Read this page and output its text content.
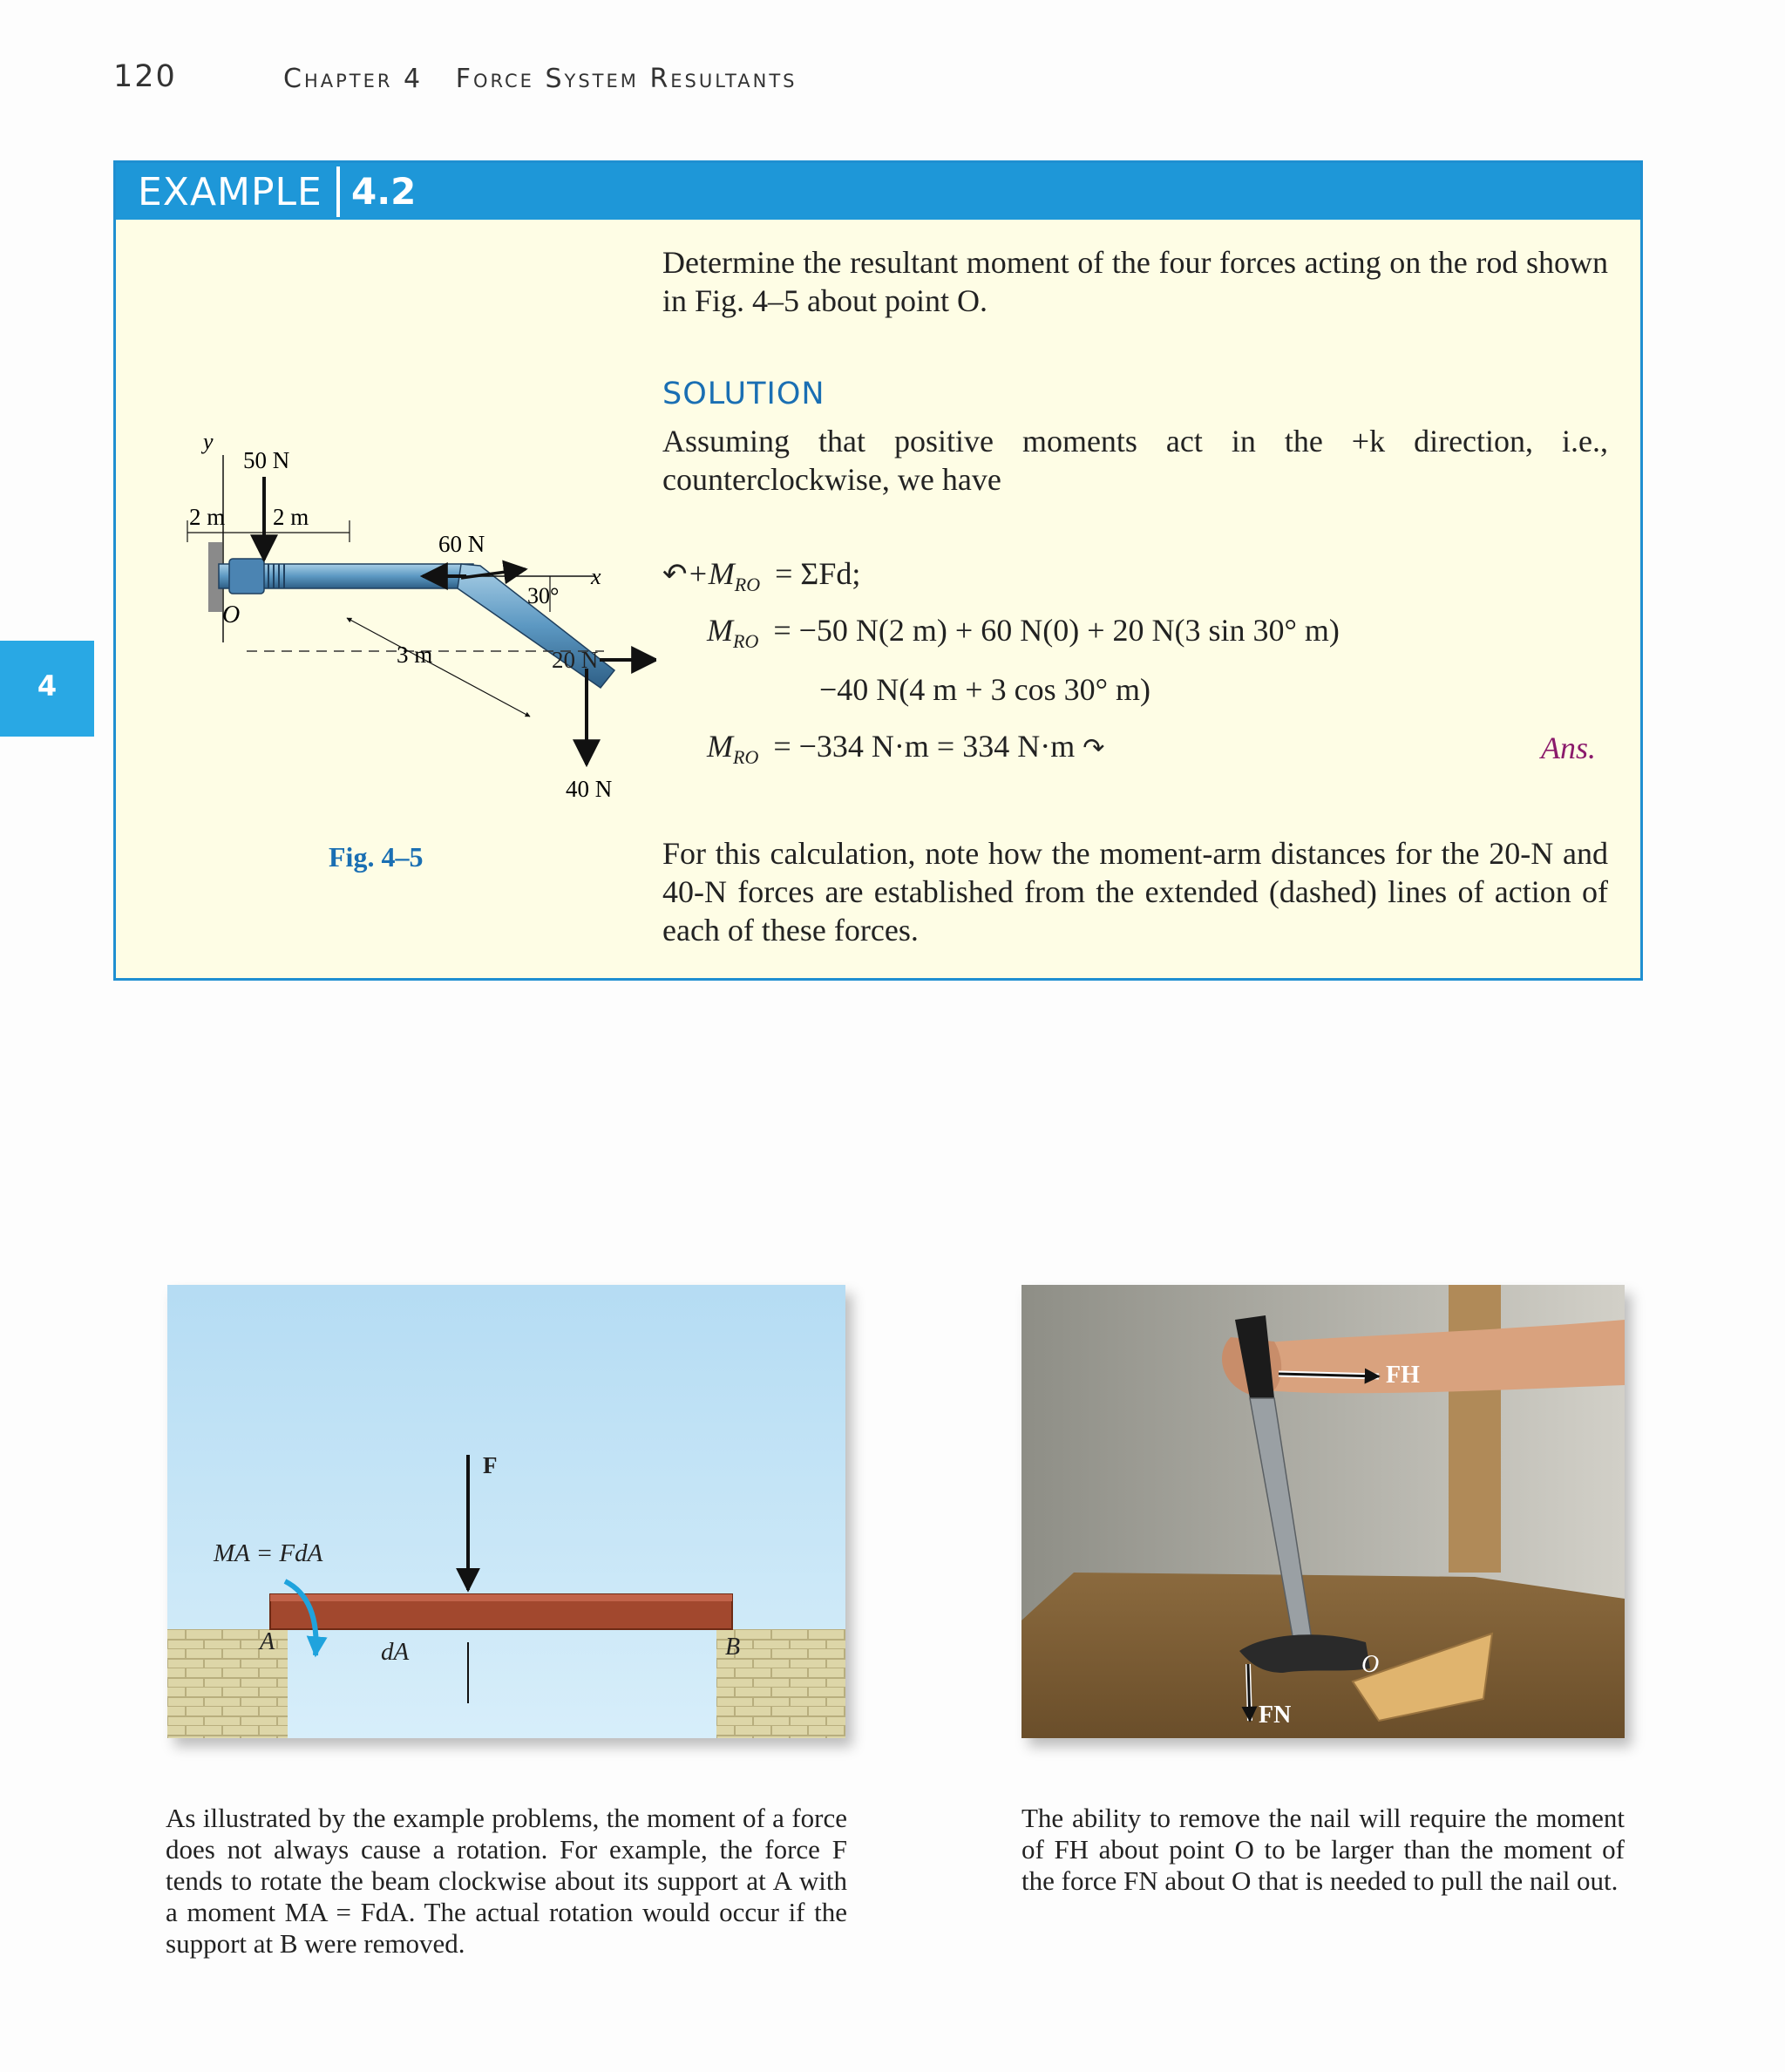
120	Chapter 4 Force System Resultants
4
EXAMPLE 4.2
Determine the resultant moment of the four forces acting on the rod shown in Fig. 4–5 about point O.
SOLUTION
Assuming that positive moments act in the +k direction, i.e., counterclockwise, we have
$↶+M_{RO} = \Sigma Fd$;
$M_{RO} = -50$ N(2 m) + 60 N(0) + 20 N(3 sin 30° m)
−40 N(4 m + 3 cos 30° m)
$M_{RO} = -334$ N·m = 334 N·m ↷	Ans.
For this calculation, note how the moment-arm distances for the 20-N and 40-N forces are established from the extended (dashed) lines of action of each of these forces.
y
O
x
50 N
2 m 2 m
60 N
30°
3 m
40 N
20 N
Fig. 4–5
MA = FdA
F
A	B
dA
FH
FN
O
As illustrated by the example problems, the moment of a force does not always cause a rotation. For example, the force F tends to rotate the beam clockwise about its support at A with a moment MA = FdA. The actual rotation would occur if the support at B were removed.
The ability to remove the nail will require the moment of FH about point O to be larger than the moment of the force FN about O that is needed to pull the nail out.
